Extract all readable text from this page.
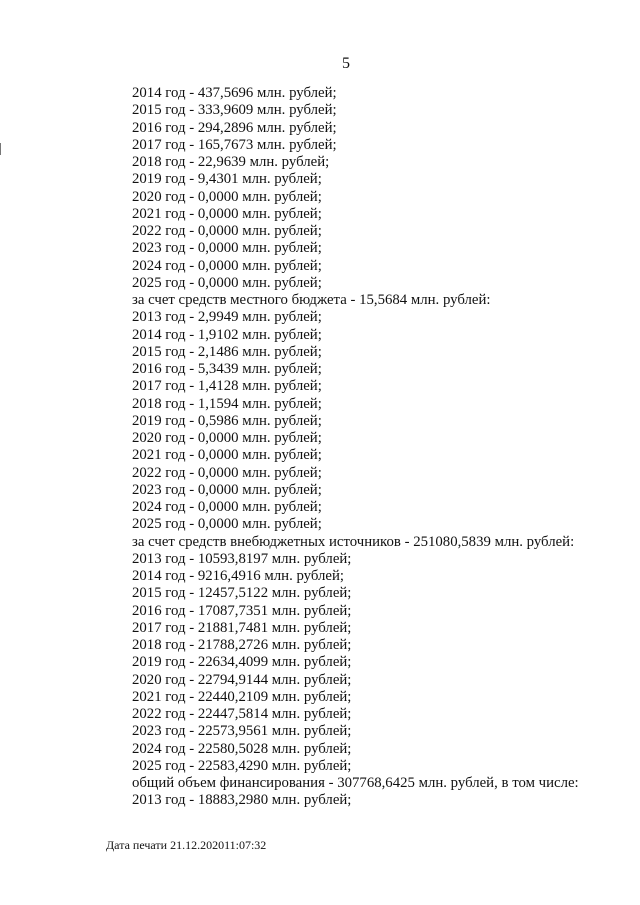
5
2014 год - 437,5696 млн. рублей;
2015 год - 333,9609 млн. рублей;
2016 год - 294,2896 млн. рублей;
2017 год - 165,7673 млн. рублей;
2018 год - 22,9639 млн. рублей;
2019 год - 9,4301 млн. рублей;
2020 год - 0,0000 млн. рублей;
2021 год - 0,0000 млн. рублей;
2022 год - 0,0000 млн. рублей;
2023 год - 0,0000 млн. рублей;
2024 год - 0,0000 млн. рублей;
2025 год - 0,0000 млн. рублей;
за счет средств местного бюджета - 15,5684 млн. рублей:
2013 год - 2,9949 млн. рублей;
2014 год - 1,9102 млн. рублей;
2015 год - 2,1486 млн. рублей;
2016 год - 5,3439 млн. рублей;
2017 год - 1,4128 млн. рублей;
2018 год - 1,1594 млн. рублей;
2019 год - 0,5986 млн. рублей;
2020 год - 0,0000 млн. рублей;
2021 год - 0,0000 млн. рублей;
2022 год - 0,0000 млн. рублей;
2023 год - 0,0000 млн. рублей;
2024 год - 0,0000 млн. рублей;
2025 год - 0,0000 млн. рублей;
за счет средств внебюджетных источников - 251080,5839 млн. рублей:
2013 год - 10593,8197 млн. рублей;
2014 год - 9216,4916 млн. рублей;
2015 год - 12457,5122 млн. рублей;
2016 год - 17087,7351 млн. рублей;
2017 год - 21881,7481 млн. рублей;
2018 год - 21788,2726 млн. рублей;
2019 год - 22634,4099 млн. рублей;
2020 год - 22794,9144 млн. рублей;
2021 год - 22440,2109 млн. рублей;
2022 год - 22447,5814 млн. рублей;
2023 год - 22573,9561 млн. рублей;
2024 год - 22580,5028 млн. рублей;
2025 год - 22583,4290 млн. рублей;
общий объем финансирования - 307768,6425 млн. рублей, в том числе:
2013 год - 18883,2980 млн. рублей;
Дата печати 21.12.202011:07:32
